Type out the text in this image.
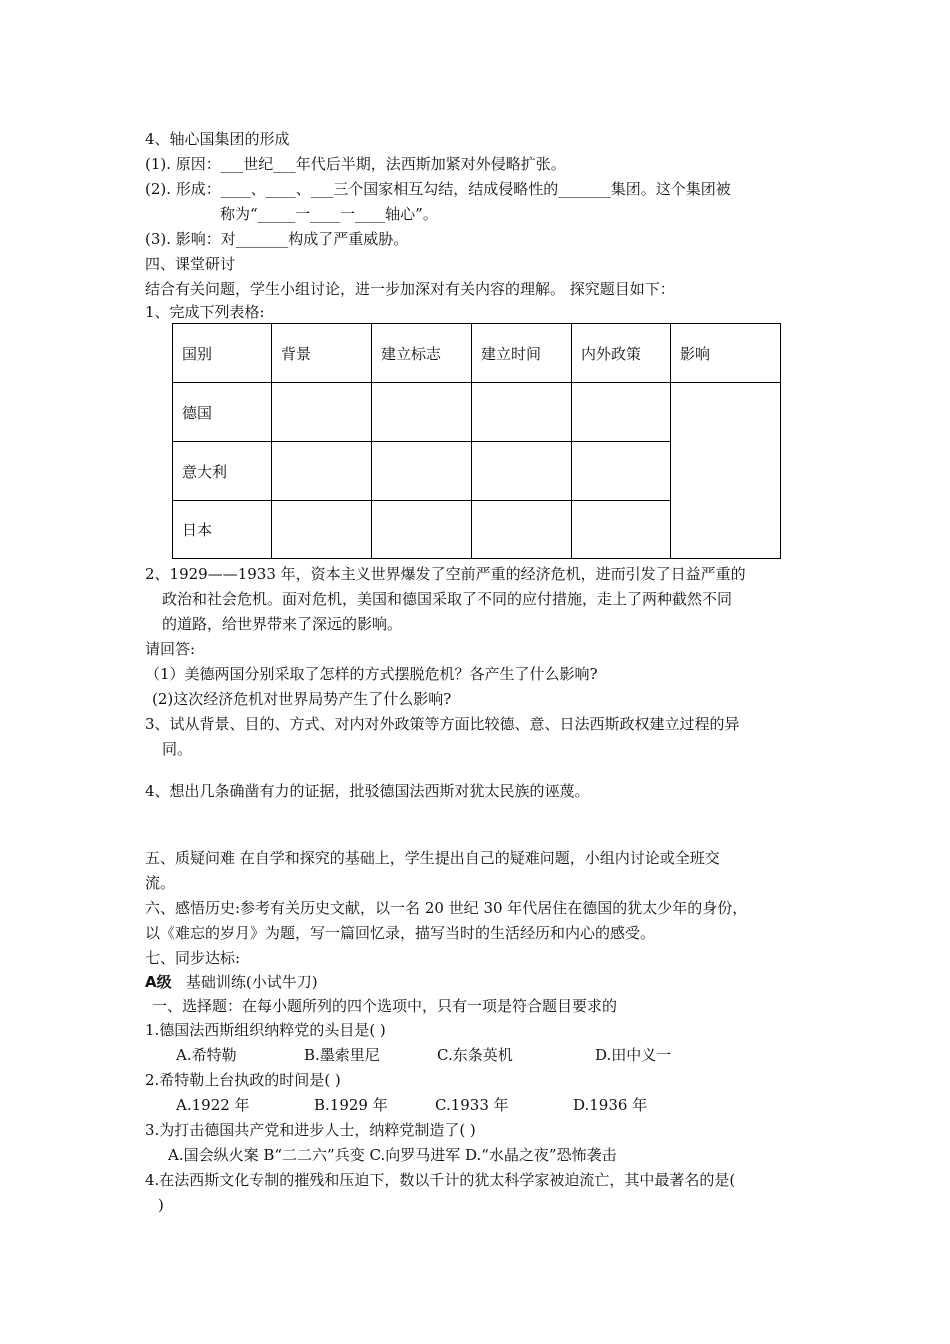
4、轴心国集团的形成
(1). 原因：___世纪___年代后半期，法西斯加紧对外侵略扩张。
(2). 形成：____、____、___三个国家相互勾结，结成侵略性的_______集团。这个集团被
称为“_____一____一____轴心”。
(3). 影响：对_______构成了严重威胁。
四、课堂研讨
结合有关问题，学生小组讨论，进一步加深对有关内容的理解。 探究题目如下：
1、完成下列表格:
国别	背景	建立标志	建立时间	内外政策	影响
德国					
意大利					
日本					
2、1929——1933 年，资本主义世界爆发了空前严重的经济危机，进而引发了日益严重的
政治和社会危机。面对危机，美国和德国采取了不同的应付措施，走上了两种截然不同
的道路，给世界带来了深远的影响。
请回答:
（1）美德两国分别采取了怎样的方式摆脱危机？各产生了什么影响?
(2)这次经济危机对世界局势产生了什么影响?
3、试从背景、目的、方式、对内对外政策等方面比较德、意、日法西斯政权建立过程的异
同。
4、想出几条确凿有力的证据，批驳德国法西斯对犹太民族的诬蔑。
五、质疑问难 在自学和探究的基础上，学生提出自己的疑难问题，小组内讨论或全班交
流。
六、感悟历史:参考有关历史文献，以一名 20 世纪 30 年代居住在德国的犹太少年的身份，
以《难忘的岁月》为题，写一篇回忆录，描写当时的生活经历和内心的感受。
七、同步达标:
A级 基础训练(小试牛刀)
一、选择题：在每小题所列的四个选项中，只有一项是符合题目要求的
1.德国法西斯组织纳粹党的头目是( )
A.希特勒	B.墨索里尼	C.东条英机	D.田中义一
2.希特勒上台执政的时间是( )
A.1922 年	B.1929 年	C.1933 年	D.1936 年
3.为打击德国共产党和进步人士，纳粹党制造了( )
A.国会纵火案 B“二二六”兵变 C.向罗马进军 D.“水晶之夜”恐怖袭击
4.在法西斯文化专制的摧残和压迫下，数以千计的犹太科学家被迫流亡，其中最著名的是(
)
